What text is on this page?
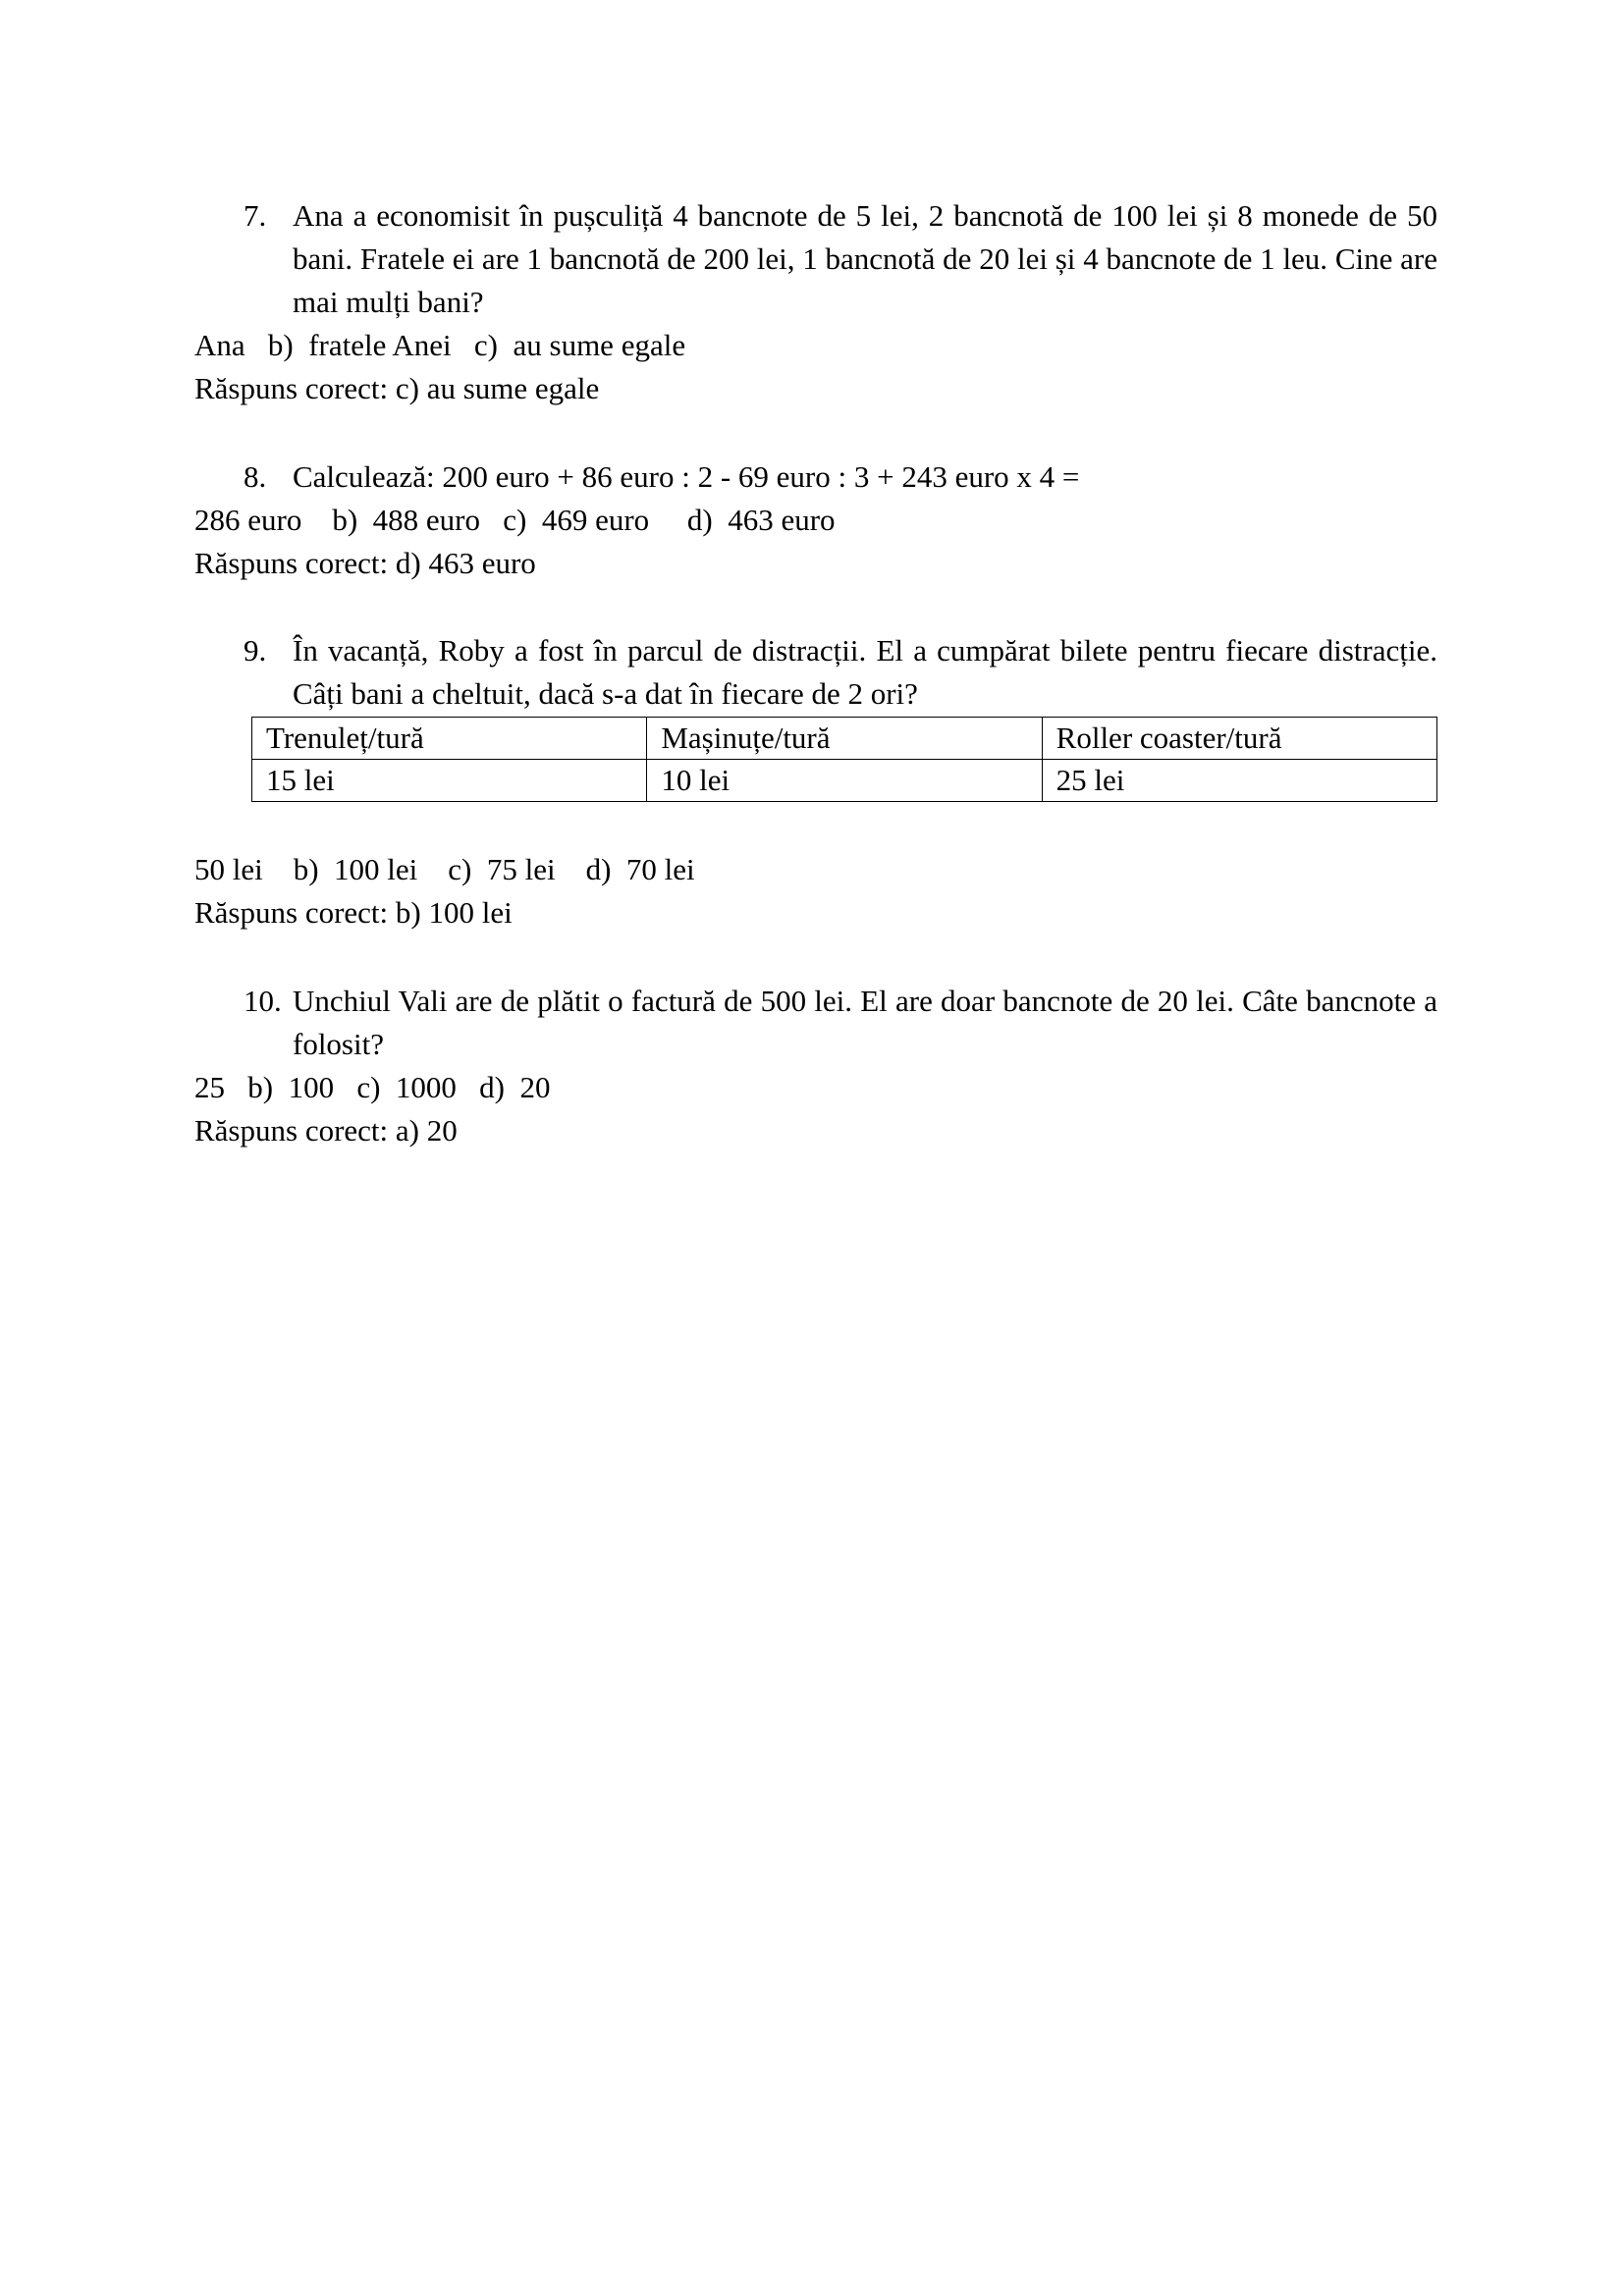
7. Ana a economisit în pușculiță 4 bancnote de 5 lei, 2 bancnotă de 100 lei și 8 monede de 50 bani. Fratele ei are 1 bancnotă de 200 lei, 1 bancnotă de 20 lei și 4 bancnote de 1 leu. Cine are mai mulți bani?
Ana   b)  fratele Anei   c)  au sume egale
Răspuns corect: c) au sume egale
8. Calculează: 200 euro + 86 euro : 2 - 69 euro : 3 + 243 euro x 4 =
286 euro    b)  488 euro   c)  469 euro     d)  463 euro
Răspuns corect: d) 463 euro
9. În vacanță, Roby a fost în parcul de distracții. El a cumpărat bilete pentru fiecare distracție. Câți bani a cheltuit, dacă s-a dat în fiecare de 2 ori?
Trenuleț/tură	Mașinuțe/tură	Roller coaster/tură
15 lei	10 lei	25 lei
50 lei    b)  100 lei    c)  75 lei    d)  70 lei
Răspuns corect: b) 100 lei
10. Unchiul Vali are de plătit o factură de 500 lei. El are doar bancnote de 20 lei. Câte bancnote a folosit?
25   b)  100   c)  1000   d)  20
Răspuns corect: a) 20
